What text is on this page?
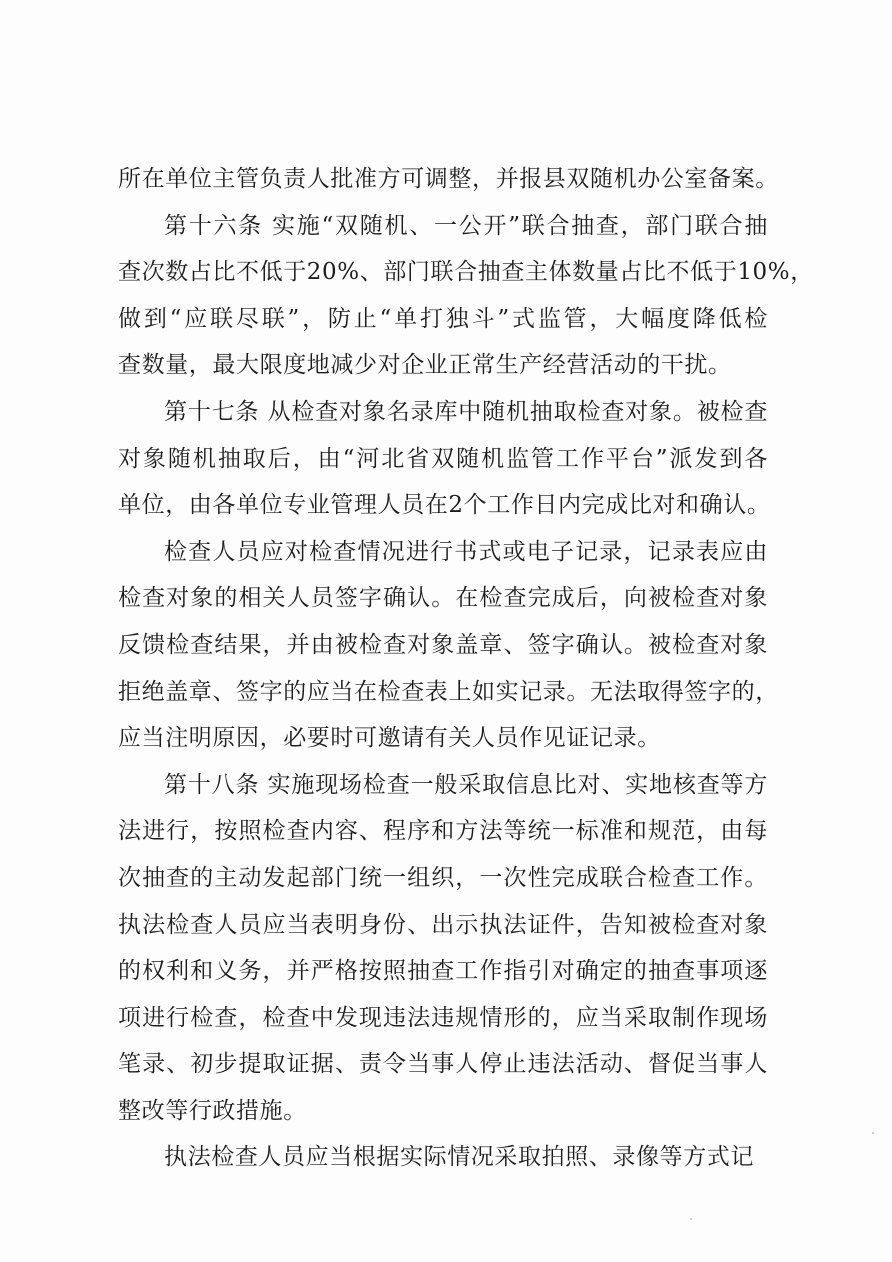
所在单位主管负责人批准方可调整，并报县双随机办公室备案。
第十六条 实施“双随机、一公开”联合抽查，部门联合抽
查次数占比不低于20%、部门联合抽查主体数量占比不低于10%，
做到“应联尽联”，防止“单打独斗”式监管，大幅度降低检
查数量，最大限度地减少对企业正常生产经营活动的干扰。
第十七条 从检查对象名录库中随机抽取检查对象。被检查
对象随机抽取后，由“河北省双随机监管工作平台”派发到各
单位，由各单位专业管理人员在2个工作日内完成比对和确认。
检查人员应对检查情况进行书式或电子记录，记录表应由
检查对象的相关人员签字确认。在检查完成后，向被检查对象
反馈检查结果，并由被检查对象盖章、签字确认。被检查对象
拒绝盖章、签字的应当在检查表上如实记录。无法取得签字的，
应当注明原因，必要时可邀请有关人员作见证记录。
第十八条 实施现场检查一般采取信息比对、实地核查等方
法进行，按照检查内容、程序和方法等统一标准和规范，由每
次抽查的主动发起部门统一组织，一次性完成联合检查工作。
执法检查人员应当表明身份、出示执法证件，告知被检查对象
的权利和义务，并严格按照抽查工作指引对确定的抽查事项逐
项进行检查，检查中发现违法违规情形的，应当采取制作现场
笔录、初步提取证据、责令当事人停止违法活动、督促当事人
整改等行政措施。
执法检查人员应当根据实际情况采取拍照、录像等方式记
